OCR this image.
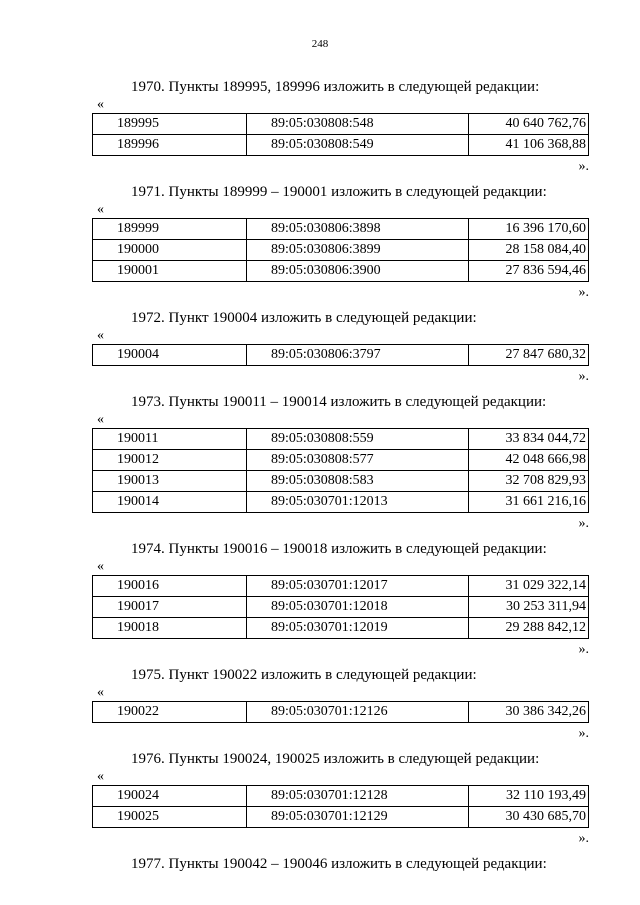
248

1970. Пункты 189995, 189996 изложить в следующей редакции:

«

189995	89:05:030808:548	40 640 762,76
189996	89:05:030808:549	41 106 368,88

».

1971. Пункты 189999 – 190001 изложить в следующей редакции:

«

189999	89:05:030806:3898	16 396 170,60
190000	89:05:030806:3899	28 158 084,40
190001	89:05:030806:3900	27 836 594,46

».

1972. Пункт 190004 изложить в следующей редакции:

«

190004	89:05:030806:3797	27 847 680,32

».

1973. Пункты 190011 – 190014 изложить в следующей редакции:

«

190011	89:05:030808:559	33 834 044,72
190012	89:05:030808:577	42 048 666,98
190013	89:05:030808:583	32 708 829,93
190014	89:05:030701:12013	31 661 216,16

».

1974. Пункты 190016 – 190018 изложить в следующей редакции:

«

190016	89:05:030701:12017	31 029 322,14
190017	89:05:030701:12018	30 253 311,94
190018	89:05:030701:12019	29 288 842,12

».

1975. Пункт 190022 изложить в следующей редакции:

«

190022	89:05:030701:12126	30 386 342,26

».

1976. Пункты 190024, 190025 изложить в следующей редакции:

«

190024	89:05:030701:12128	32 110 193,49
190025	89:05:030701:12129	30 430 685,70

».

1977. Пункты 190042 – 190046 изложить в следующей редакции:
